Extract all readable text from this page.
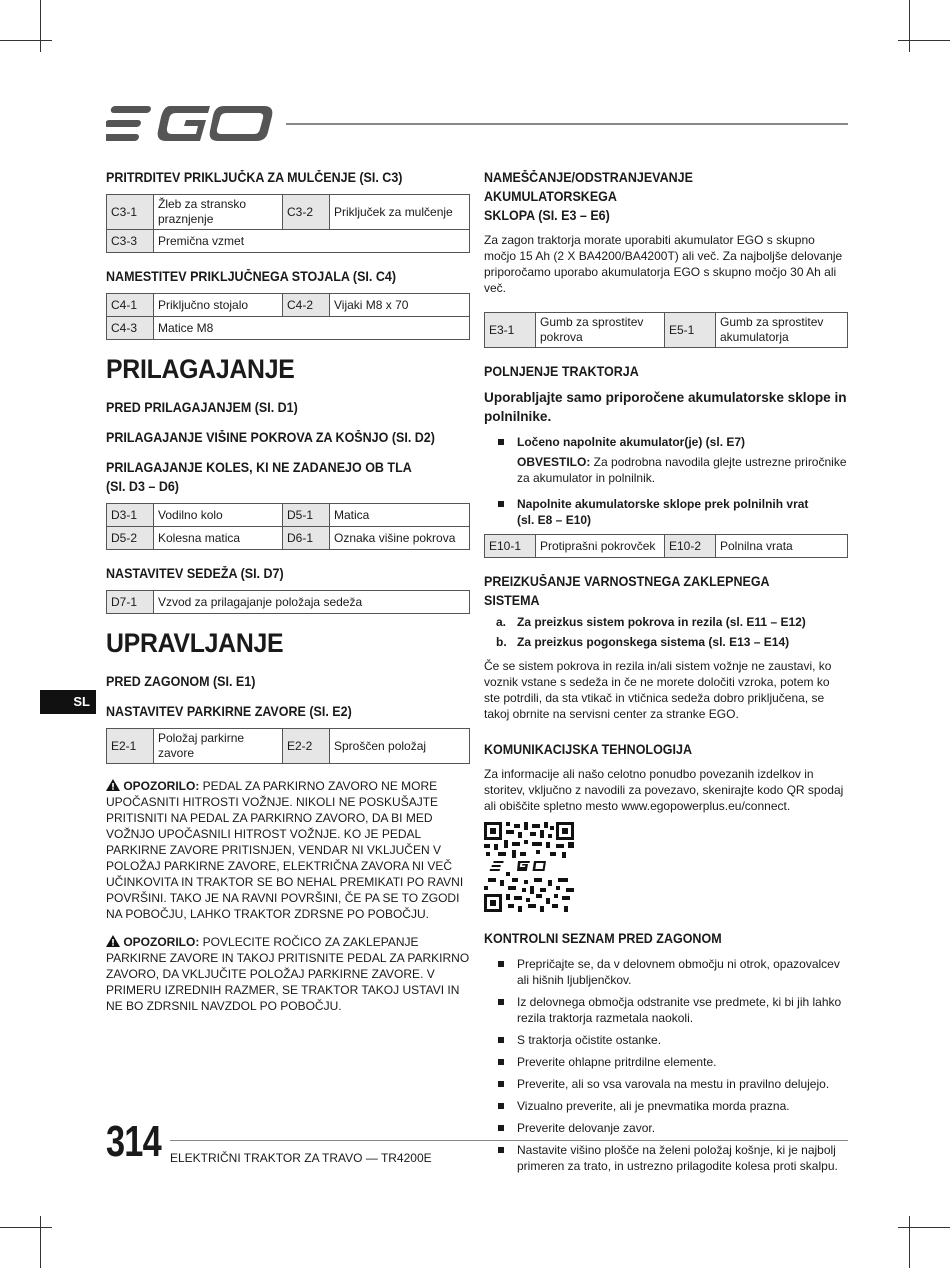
SL
PRITRDITEV PRIKLJUČKA ZA MULČENJE (SI. C3)
C3-1	Žleb za stransko praznjenje	C3-2	Priključek za mulčenje
C3-3	Premična vzmet		
NAMESTITEV PRIKLJUČNEGA STOJALA (SI. C4)
C4-1	Priključno stojalo	C4-2	Vijaki M8 x 70
C4-3	Matice M8		
PRILAGAJANJE
PRED PRILAGAJANJEM (SI. D1)
PRILAGAJANJE VIŠINE POKROVA ZA KOŠNJO (SI. D2)
PRILAGAJANJE KOLES, KI NE ZADANEJO OB TLA
(SI. D3 – D6)
D3-1	Vodilno kolo	D5-1	Matica
D5-2	Kolesna matica	D6-1	Oznaka višine pokrova
NASTAVITEV SEDEŽA (SI. D7)
D7-1	Vzvod za prilagajanje položaja sedeža
UPRAVLJANJE
PRED ZAGONOM (SI. E1)
NASTAVITEV PARKIRNE ZAVORE (SI. E2)
E2-1	Položaj parkirne zavore	E2-2	Sproščen položaj
OPOZORILO: PEDAL ZA PARKIRNO ZAVORO NE MORE UPOČASNITI HITROSTI VOŽNJE. NIKOLI NE POSKUŠAJTE PRITISNITI NA PEDAL ZA PARKIRNO ZAVORO, DA BI MED VOŽNJO UPOČASNILI HITROST VOŽNJE. KO JE PEDAL PARKIRNE ZAVORE PRITISNJEN, VENDAR NI VKLJUČEN V POLOŽAJ PARKIRNE ZAVORE, ELEKTRIČNA ZAVORA NI VEČ UČINKOVITA IN TRAKTOR SE BO NEHAL PREMIKATI PO RAVNI POVRŠINI. TAKO JE NA RAVNI POVRŠINI, ČE PA SE TO ZGODI NA POBOČJU, LAHKO TRAKTOR ZDRSNE PO POBOČJU.
OPOZORILO: POVLECITE ROČICO ZA ZAKLEPANJE PARKIRNE ZAVORE IN TAKOJ PRITISNITE PEDAL ZA PARKIRNO ZAVORO, DA VKLJUČITE POLOŽAJ PARKIRNE ZAVORE. V PRIMERU IZREDNIH RAZMER, SE TRAKTOR TAKOJ USTAVI IN NE BO ZDRSNIL NAVZDOL PO POBOČJU.
NAMEŠČANJE/ODSTRANJEVANJE AKUMULATORSKEGA
SKLOPA (SI. E3 – E6)

Za zagon traktorja morate uporabiti akumulator EGO s skupno močjo 15 Ah (2 X BA4200/BA4200T) ali več. Za najboljše delovanje priporočamo uporabo akumulatorja EGO s skupno močjo 30 Ah ali več.

E3-1	Gumb za sprostitev pokrova	E5-1	Gumb za sprostitev akumulatorja
POLNJENJE TRAKTORJA
Uporabljajte samo priporočene akumulatorske sklope in polnilnike.
Ločeno napolnite akumulator(je) (sl. E7)
OBVESTILO: Za podrobna navodila glejte ustrezne priročnike za akumulator in polnilnik.
Napolnite akumulatorske sklope prek polnilnih vrat
(sl. E8 – E10)
E10-1	Protiprašni pokrovček	E10-2	Polnilna vrata
PREIZKUŠANJE VARNOSTNEGA ZAKLEPNEGA SISTEMA
a. Za preizkus sistem pokrova in rezila (sl. E11 – E12)
b. Za preizkus pogonskega sistema (sl. E13 – E14)

Če se sistem pokrova in rezila in/ali sistem vožnje ne zaustavi, ko voznik vstane s sedeža in če ne morete določiti vzroka, potem ko ste potrdili, da sta vtikač in vtičnica sedeža dobro priključena, se takoj obrnite na servisni center za stranke EGO.

KOMUNIKACIJSKA TEHNOLOGIJA

Za informacije ali našo celotno ponudbo povezanih izdelkov in storitev, vključno z navodili za povezavo, skenirajte kodo QR spodaj ali obiščite spletno mesto www.egopowerplus.eu/connect.

KONTROLNI SEZNAM PRED ZAGONOM
Prepričajte se, da v delovnem območju ni otrok, opazovalcev ali hišnih ljubljenčkov.
Iz delovnega območja odstranite vse predmete, ki bi jih lahko rezila traktorja razmetala naokoli.
S traktorja očistite ostanke.
Preverite ohlapne pritrdilne elemente.
Preverite, ali so vsa varovala na mestu in pravilno delujejo.
Vizualno preverite, ali je pnevmatika morda prazna.
Preverite delovanje zavor.
Nastavite višino plošče na želeni položaj košnje, ki je najbolj primeren za trato, in ustrezno prilagodite kolesa proti skalpu.
314 ELEKTRIČNI TRAKTOR ZA TRAVO — TR4200E
